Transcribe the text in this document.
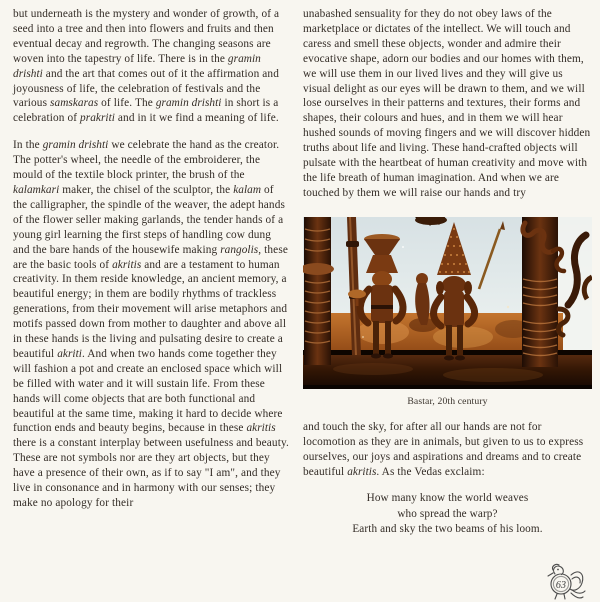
but underneath is the mystery and wonder of growth, of a seed into a tree and then into flowers and fruits and then eventual decay and regrowth. The changing seasons are woven into the tapestry of life. There is in the gramin drishti and the art that comes out of it the affirmation and joyousness of life, the celebration of festivals and the various samskaras of life. The gramin drishti in short is a celebration of prakriti and in it we find a meaning of life.

In the gramin drishti we celebrate the hand as the creator. The potter's wheel, the needle of the embroiderer, the mould of the textile block printer, the brush of the kalamkari maker, the chisel of the sculptor, the kalam of the calligrapher, the spindle of the weaver, the adept hands of the flower seller making garlands, the tender hands of a young girl learning the first steps of handling cow dung and the bare hands of the housewife making rangolis, these are the basic tools of akritis and are a testament to human creativity. In them reside knowledge, an ancient memory, a beautiful energy; in them are bodily rhythms of trackless generations, from their movement will arise metaphors and motifs passed down from mother to daughter and above all in these hands is the living and pulsating desire to create a beautiful akriti. And when two hands come together they will fashion a pot and create an enclosed space which will be filled with water and it will sustain life. From these hands will come objects that are both functional and beautiful at the same time, making it hard to decide where function ends and beauty begins, because in these akritis there is a constant interplay between usefulness and beauty. These are not symbols nor are they art objects, but they have a presence of their own, as if to say "I am", and they live in consonance and in harmony with our senses; they make no apology for their

unabashed sensuality for they do not obey laws of the marketplace or dictates of the intellect. We will touch and caress and smell these objects, wonder and admire their evocative shape, adorn our bodies and our homes with them, we will use them in our lived lives and they will give us visual delight as our eyes will be drawn to them, and we will lose ourselves in their patterns and textures, their forms and shapes, their colours and hues, and in them we will hear hushed sounds of moving fingers and we will discover hidden truths about life and living. These hand-crafted objects will pulsate with the heartbeat of human creativity and move with the life breath of human imagination. And when we are touched by them we will raise our hands and try

Bastar, 20th century

and touch the sky, for after all our hands are not for locomotion as they are in animals, but given to us to express ourselves, our joys and aspirations and dreams and to create beautiful akritis. As the Vedas exclaim:

How many know the world weaves
who spread the warp?
Earth and sky the two beams of his loom.
63
